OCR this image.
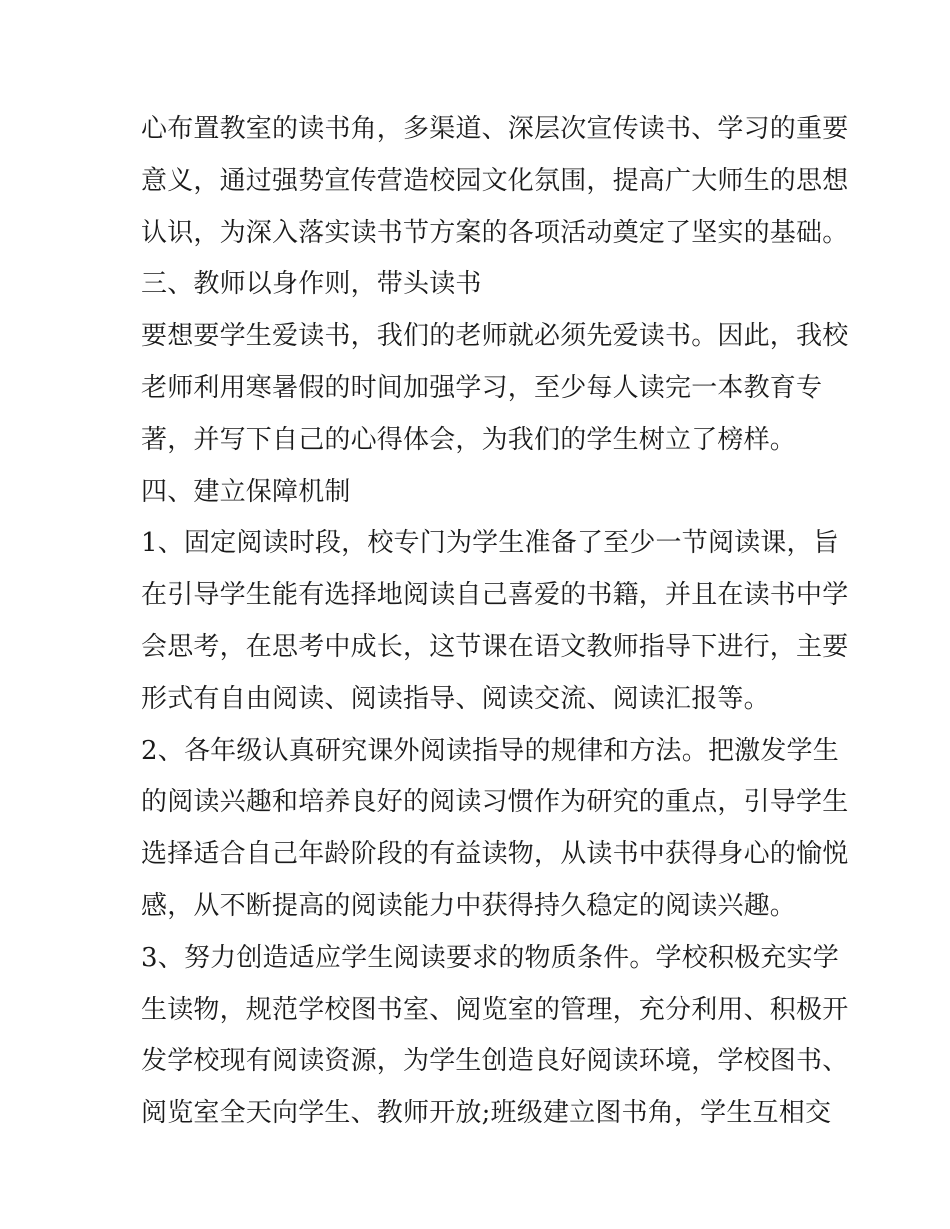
心布置教室的读书角，多渠道、深层次宣传读书、学习的重要
意义，通过强势宣传营造校园文化氛围，提高广大师生的思想
认识，为深入落实读书节方案的各项活动奠定了坚实的基础。
三、教师以身作则，带头读书
要想要学生爱读书，我们的老师就必须先爱读书。因此，我校
老师利用寒暑假的时间加强学习，至少每人读完一本教育专
著，并写下自己的心得体会，为我们的学生树立了榜样。
四、建立保障机制
1、固定阅读时段，校专门为学生准备了至少一节阅读课，旨
在引导学生能有选择地阅读自己喜爱的书籍，并且在读书中学
会思考，在思考中成长，这节课在语文教师指导下进行，主要
形式有自由阅读、阅读指导、阅读交流、阅读汇报等。
2、各年级认真研究课外阅读指导的规律和方法。把激发学生
的阅读兴趣和培养良好的阅读习惯作为研究的重点，引导学生
选择适合自己年龄阶段的有益读物，从读书中获得身心的愉悦
感，从不断提高的阅读能力中获得持久稳定的阅读兴趣。
3、努力创造适应学生阅读要求的物质条件。学校积极充实学
生读物，规范学校图书室、阅览室的管理，充分利用、积极开
发学校现有阅读资源，为学生创造良好阅读环境，学校图书、
阅览室全天向学生、教师开放;班级建立图书角，学生互相交
